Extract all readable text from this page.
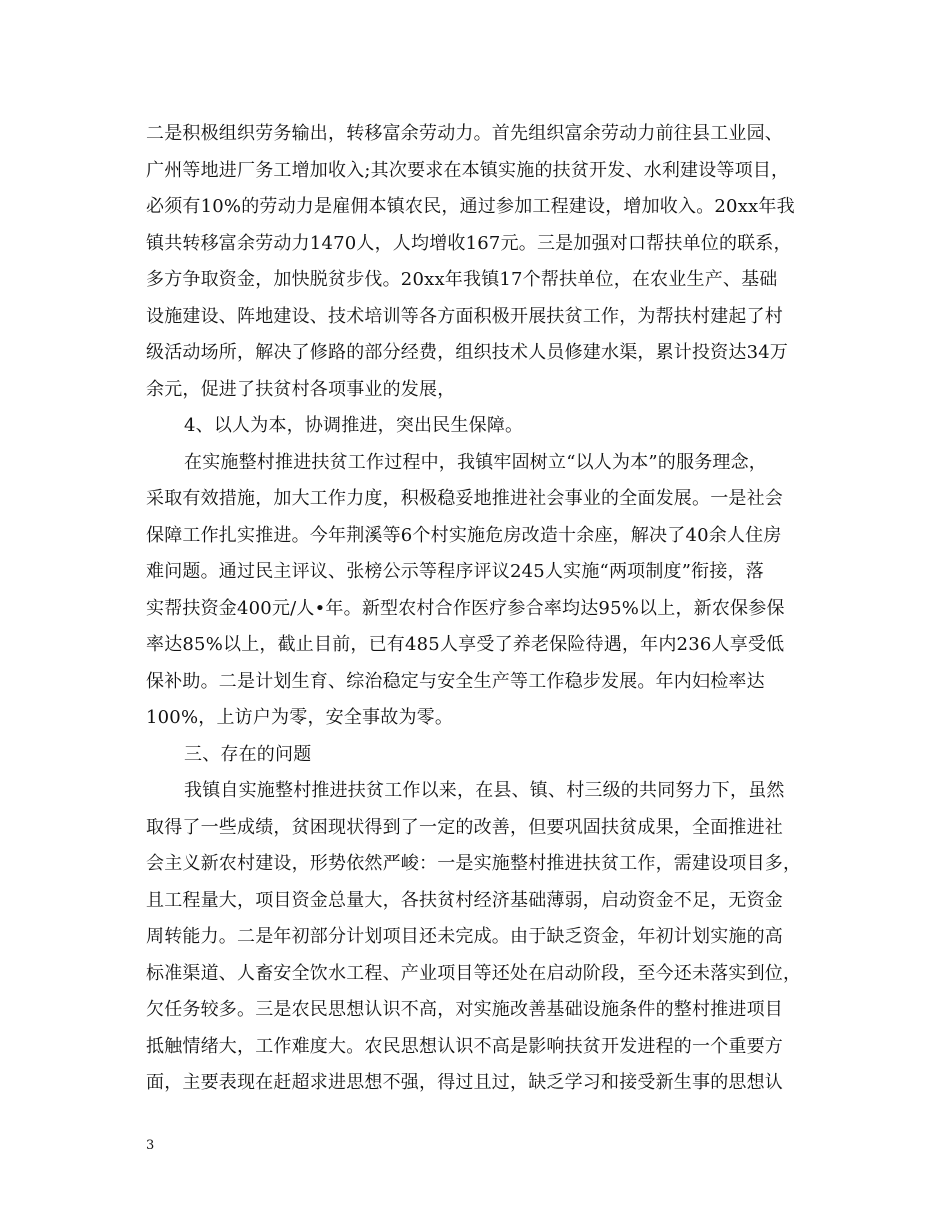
二是积极组织劳务输出，转移富余劳动力。首先组织富余劳动力前往县工业园、
广州等地进厂务工增加收入;其次要求在本镇实施的扶贫开发、水利建设等项目，
必须有10%的劳动力是雇佣本镇农民，通过参加工程建设，增加收入。20xx年我
镇共转移富余劳动力1470人，人均增收167元。三是加强对口帮扶单位的联系，
多方争取资金，加快脱贫步伐。20xx年我镇17个帮扶单位，在农业生产、基础
设施建设、阵地建设、技术培训等各方面积极开展扶贫工作，为帮扶村建起了村
级活动场所，解决了修路的部分经费，组织技术人员修建水渠，累计投资达34万
余元，促进了扶贫村各项事业的发展，
4、以人为本，协调推进，突出民生保障。
在实施整村推进扶贫工作过程中，我镇牢固树立“以人为本”的服务理念，
采取有效措施，加大工作力度，积极稳妥地推进社会事业的全面发展。一是社会
保障工作扎实推进。今年荆溪等6个村实施危房改造十余座，解决了40余人住房
难问题。通过民主评议、张榜公示等程序评议245人实施“两项制度”衔接，落
实帮扶资金400元/人•年。新型农村合作医疗参合率均达95%以上，新农保参保
率达85%以上，截止目前，已有485人享受了养老保险待遇，年内236人享受低
保补助。二是计划生育、综治稳定与安全生产等工作稳步发展。年内妇检率达
100%，上访户为零，安全事故为零。
三、存在的问题
我镇自实施整村推进扶贫工作以来，在县、镇、村三级的共同努力下，虽然
取得了一些成绩，贫困现状得到了一定的改善，但要巩固扶贫成果，全面推进社
会主义新农村建设，形势依然严峻：一是实施整村推进扶贫工作，需建设项目多，
且工程量大，项目资金总量大，各扶贫村经济基础薄弱，启动资金不足，无资金
周转能力。二是年初部分计划项目还未完成。由于缺乏资金，年初计划实施的高
标准渠道、人畜安全饮水工程、产业项目等还处在启动阶段，至今还未落实到位，
欠任务较多。三是农民思想认识不高，对实施改善基础设施条件的整村推进项目
抵触情绪大，工作难度大。农民思想认识不高是影响扶贫开发进程的一个重要方
面，主要表现在赶超求进思想不强，得过且过，缺乏学习和接受新生事的思想认
3
